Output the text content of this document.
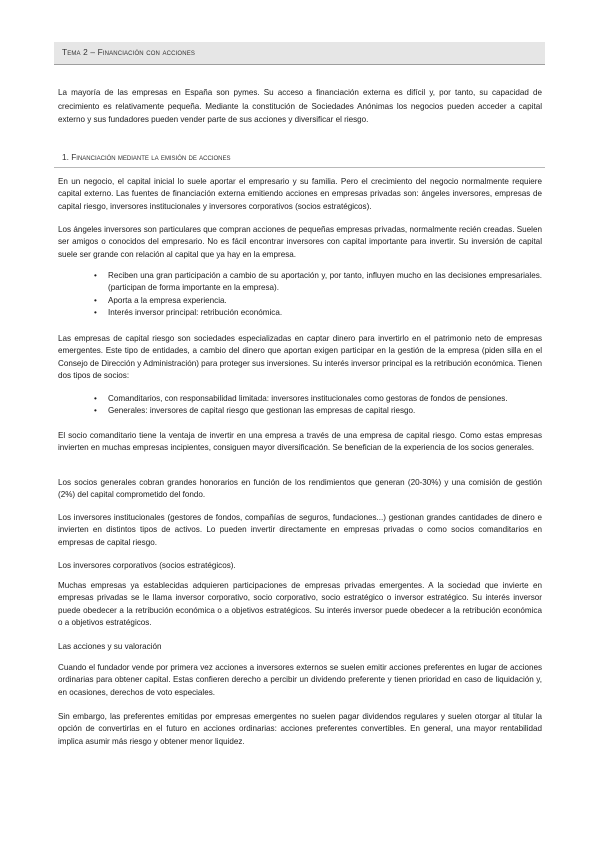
Tema 2 – Financiación con acciones

La mayoría de las empresas en España son pymes. Su acceso a financiación externa es difícil y, por tanto, su capacidad de crecimiento es relativamente pequeña. Mediante la constitución de Sociedades Anónimas los negocios pueden acceder a capital externo y sus fundadores pueden vender parte de sus acciones y diversificar el riesgo.

1. Financiación mediante la emisión de acciones

En un negocio, el capital inicial lo suele aportar el empresario y su familia. Pero el crecimiento del negocio normalmente requiere capital externo. Las fuentes de financiación externa emitiendo acciones en empresas privadas son: ángeles inversores, empresas de capital riesgo, inversores institucionales y inversores corporativos (socios estratégicos).

Los ángeles inversores son particulares que compran acciones de pequeñas empresas privadas, normalmente recién creadas. Suelen ser amigos o conocidos del empresario. No es fácil encontrar inversores con capital importante para invertir. Su inversión de capital suele ser grande con relación al capital que ya hay en la empresa.

• Reciben una gran participación a cambio de su aportación y, por tanto, influyen mucho en las decisiones empresariales. (participan de forma importante en la empresa).
• Aporta a la empresa experiencia.
• Interés inversor principal: retribución económica.

Las empresas de capital riesgo son sociedades especializadas en captar dinero para invertirlo en el patrimonio neto de empresas emergentes. Este tipo de entidades, a cambio del dinero que aportan exigen participar en la gestión de la empresa (piden silla en el Consejo de Dirección y Administración) para proteger sus inversiones. Su interés inversor principal es la retribución económica. Tienen dos tipos de socios:

• Comanditarios, con responsabilidad limitada: inversores institucionales como gestoras de fondos de pensiones.
• Generales: inversores de capital riesgo que gestionan las empresas de capital riesgo.

El socio comanditario tiene la ventaja de invertir en una empresa a través de una empresa de capital riesgo. Como estas empresas invierten en muchas empresas incipientes, consiguen mayor diversificación. Se benefician de la experiencia de los socios generales.

Los socios generales cobran grandes honorarios en función de los rendimientos que generan (20-30%) y una comisión de gestión (2%) del capital comprometido del fondo.

Los inversores institucionales (gestores de fondos, compañías de seguros, fundaciones...) gestionan grandes cantidades de dinero e invierten en distintos tipos de activos. Lo pueden invertir directamente en empresas privadas o como socios comanditarios en empresas de capital riesgo.

Los inversores corporativos (socios estratégicos).

Muchas empresas ya establecidas adquieren participaciones de empresas privadas emergentes. A la sociedad que invierte en empresas privadas se le llama inversor corporativo, socio corporativo, socio estratégico o inversor estratégico. Su interés inversor puede obedecer a la retribución económica o a objetivos estratégicos. Su interés inversor puede obedecer a la retribución económica o a objetivos estratégicos.

Las acciones y su valoración

Cuando el fundador vende por primera vez acciones a inversores externos se suelen emitir acciones preferentes en lugar de acciones ordinarias para obtener capital. Estas confieren derecho a percibir un dividendo preferente y tienen prioridad en caso de liquidación y, en ocasiones, derechos de voto especiales.

Sin embargo, las preferentes emitidas por empresas emergentes no suelen pagar dividendos regulares y suelen otorgar al titular la opción de convertirlas en el futuro en acciones ordinarias: acciones preferentes convertibles. En general, una mayor rentabilidad implica asumir más riesgo y obtener menor liquidez.
